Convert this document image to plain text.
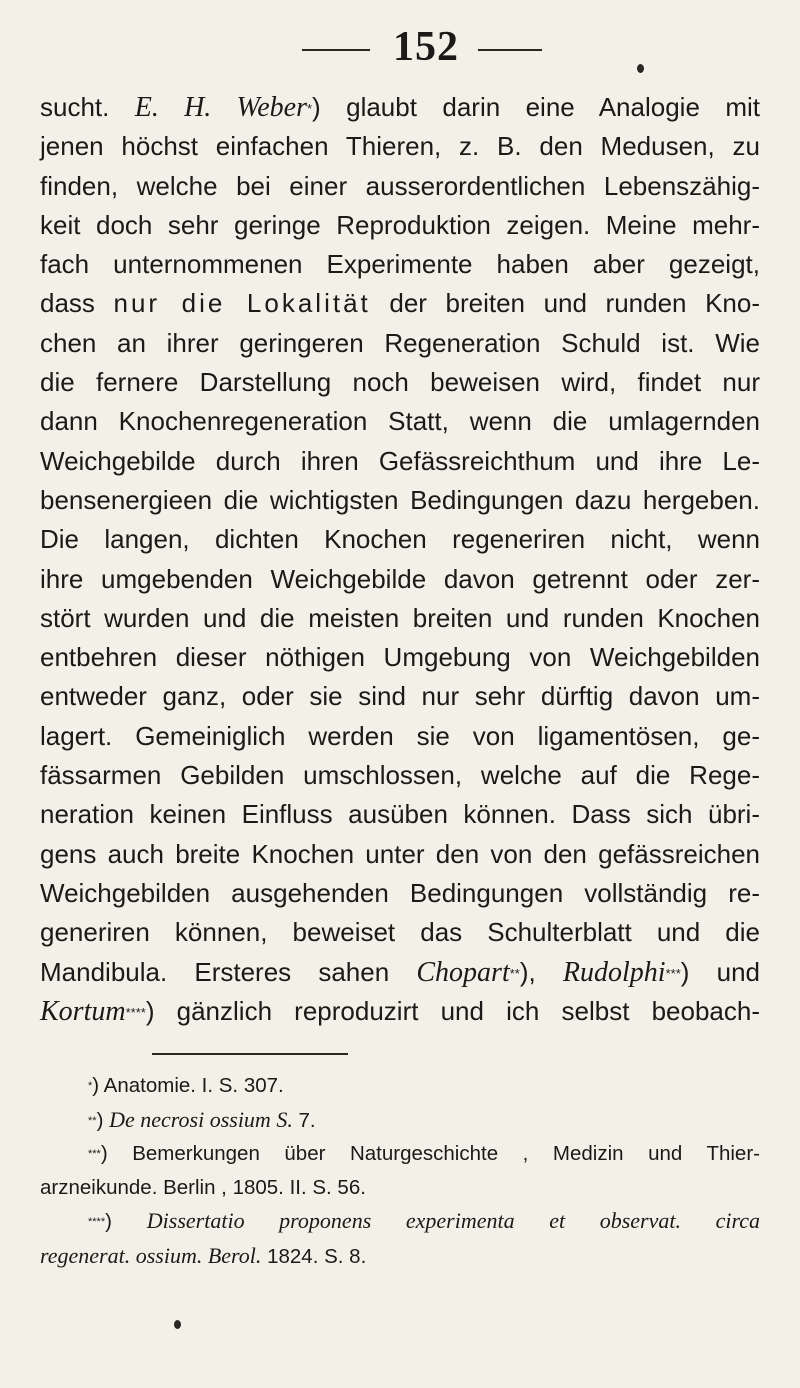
152
sucht. E. H. Weber*) glaubt darin eine Analogie mit
jenen höchst einfachen Thieren, z. B. den Medusen, zu
finden, welche bei einer ausserordentlichen Lebenszähig-
keit doch sehr geringe Reproduktion zeigen. Meine mehr-
fach unternommenen Experimente haben aber gezeigt,
dass nur die Lokalität der breiten und runden Kno-
chen an ihrer geringeren Regeneration Schuld ist. Wie
die fernere Darstellung noch beweisen wird, findet nur
dann Knochenregeneration Statt, wenn die umlagernden
Weichgebilde durch ihren Gefässreichthum und ihre Le-
bensenergieen die wichtigsten Bedingungen dazu hergeben.
Die langen, dichten Knochen regeneriren nicht, wenn
ihre umgebenden Weichgebilde davon getrennt oder zer-
stört wurden und die meisten breiten und runden Knochen
entbehren dieser nöthigen Umgebung von Weichgebilden
entweder ganz, oder sie sind nur sehr dürftig davon um-
lagert. Gemeiniglich werden sie von ligamentösen, ge-
fässarmen Gebilden umschlossen, welche auf die Rege-
neration keinen Einfluss ausüben können. Dass sich übri-
gens auch breite Knochen unter den von den gefässreichen
Weichgebilden ausgehenden Bedingungen vollständig re-
generiren können, beweiset das Schulterblatt und die
Mandibula. Ersteres sahen Chopart**), Rudolphi***) und
Kortum****) gänzlich reproduzirt und ich selbst beobach-
*) Anatomie. I. S. 307.
**) De necrosi ossium S. 7.
***) Bemerkungen über Naturgeschichte , Medizin und Thier-
arzneikunde. Berlin , 1805. II. S. 56.
****) Dissertatio proponens experimenta et observat. circa
regenerat. ossium. Berol. 1824. S. 8.
